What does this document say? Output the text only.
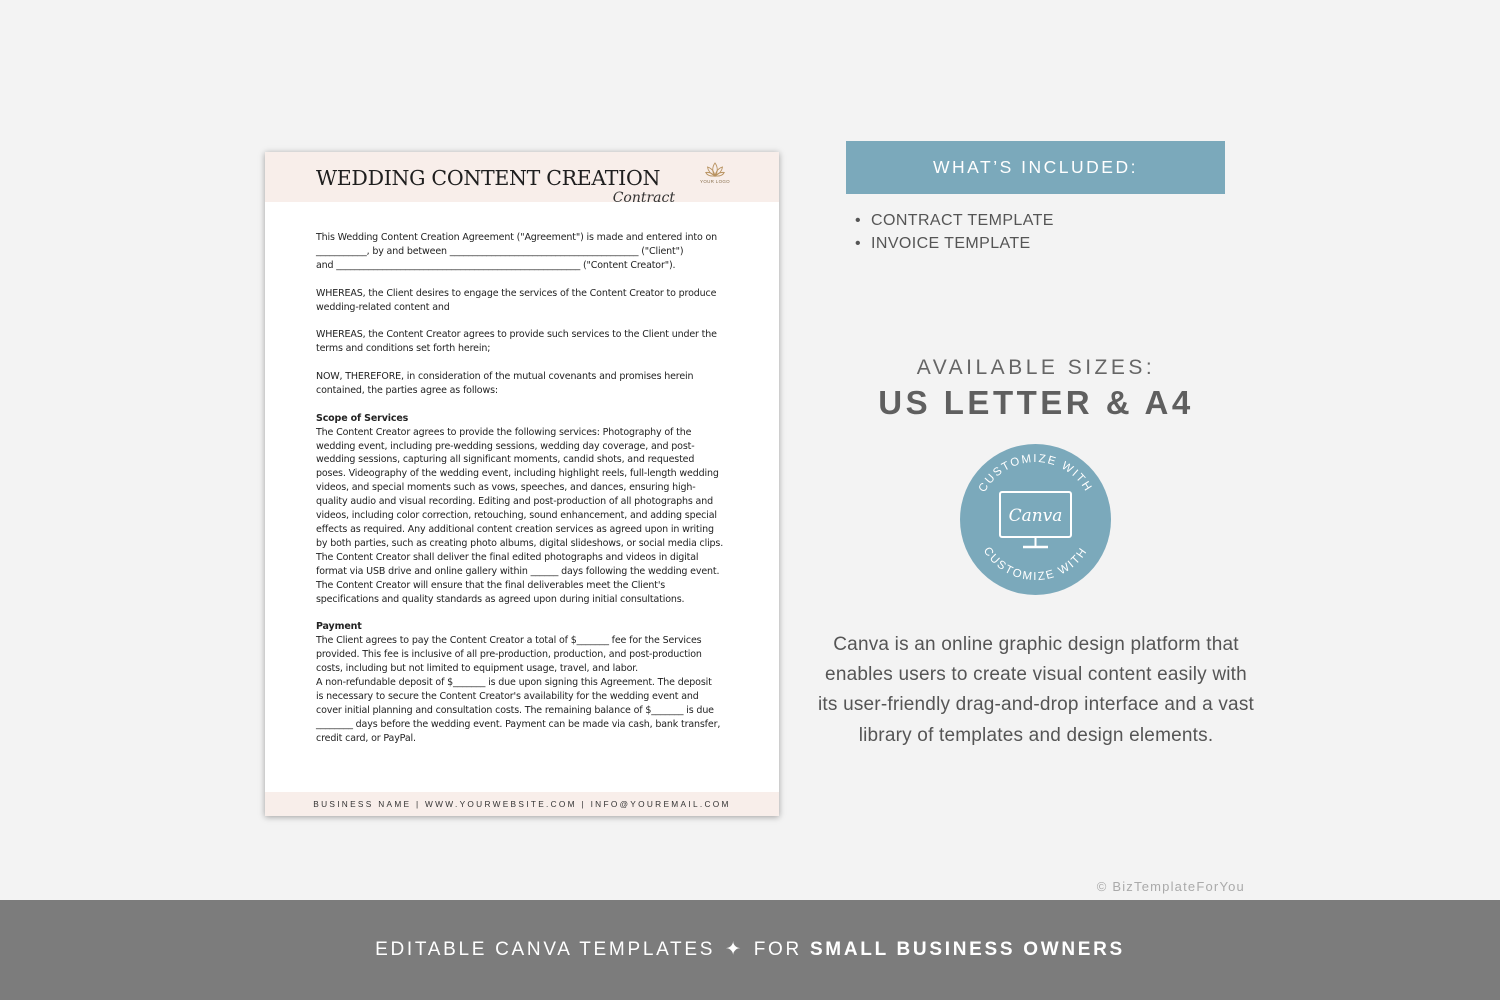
WEDDING CONTENT CREATION
Contract
YOUR LOGO

This Wedding Content Creation Agreement ("Agreement") is made and entered into on
___________, by and between _________________________________________ ("Client")
and _____________________________________________________ ("Content Creator").

WHEREAS, the Client desires to engage the services of the Content Creator to produce
wedding-related content and

WHEREAS, the Content Creator agrees to provide such services to the Client under the
terms and conditions set forth herein;

NOW, THEREFORE, in consideration of the mutual covenants and promises herein
contained, the parties agree as follows:

Scope of Services

The Content Creator agrees to provide the following services: Photography of the
wedding event, including pre-wedding sessions, wedding day coverage, and post-
wedding sessions, capturing all significant moments, candid shots, and requested
poses. Videography of the wedding event, including highlight reels, full-length wedding
videos, and special moments such as vows, speeches, and dances, ensuring high-
quality audio and visual recording. Editing and post-production of all photographs and
videos, including color correction, retouching, sound enhancement, and adding special
effects as required. Any additional content creation services as agreed upon in writing
by both parties, such as creating photo albums, digital slideshows, or social media clips.
The Content Creator shall deliver the final edited photographs and videos in digital
format via USB drive and online gallery within ______ days following the wedding event.
The Content Creator will ensure that the final deliverables meet the Client's
specifications and quality standards as agreed upon during initial consultations.

Payment

The Client agrees to pay the Content Creator a total of $_______ fee for the Services
provided. This fee is inclusive of all pre-production, production, and post-production
costs, including but not limited to equipment usage, travel, and labor.
A non-refundable deposit of $_______ is due upon signing this Agreement. The deposit
is necessary to secure the Content Creator's availability for the wedding event and
cover initial planning and consultation costs. The remaining balance of $_______ is due
________ days before the wedding event. Payment can be made via cash, bank transfer,
credit card, or PayPal.

BUSINESS NAME | WWW.YOURWEBSITE.COM | INFO@YOUREMAIL.COM
WHAT’S INCLUDED:
• CONTRACT TEMPLATE
• INVOICE TEMPLATE
AVAILABLE SIZES:
US LETTER & A4
CUSTOMIZE WITH
CUSTOMIZE WITH
Canva
Canva is an online graphic design platform that enables users to create visual content easily with its user-friendly drag-and-drop interface and a vast library of templates and design elements.
© BizTemplateForYou
EDITABLE CANVA TEMPLATES ✦ FOR SMALL BUSINESS OWNERS
